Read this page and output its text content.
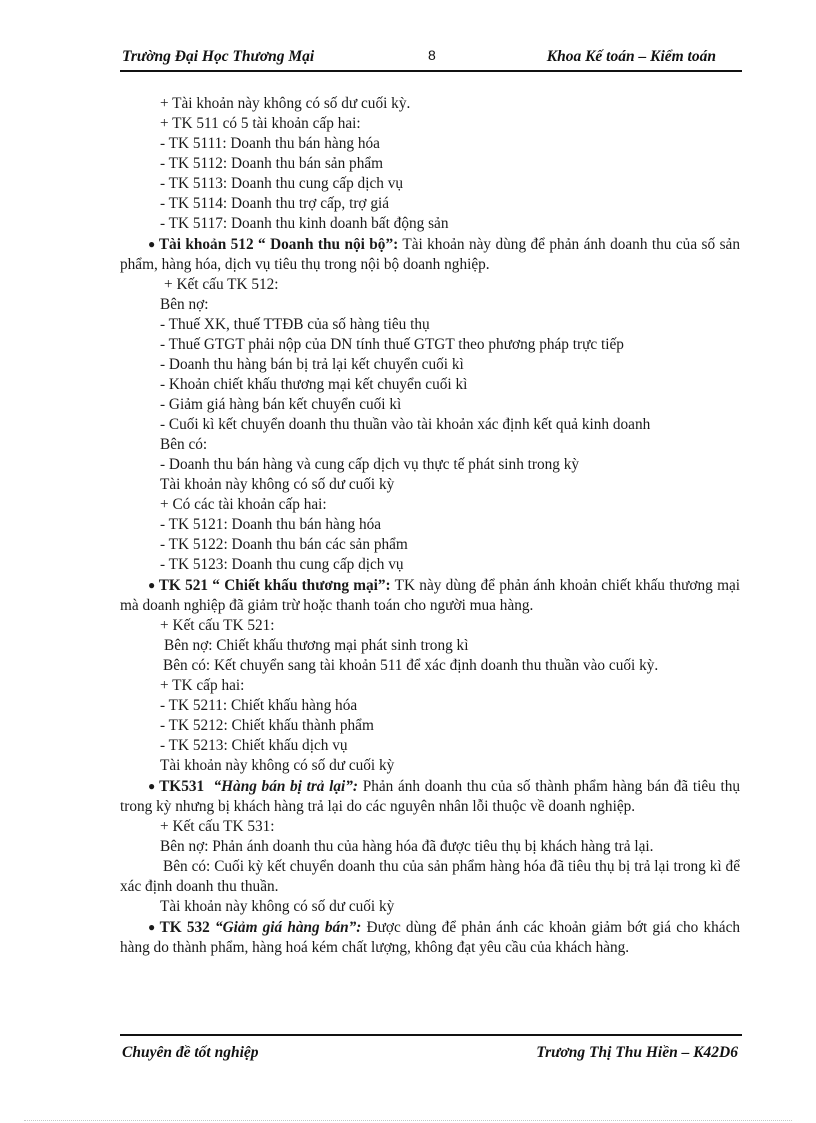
Trường Đại Học Thương Mại	8	Khoa Kế toán – Kiểm toán
+ Tài khoản này không có số dư cuối kỳ.
+ TK 511 có 5 tài khoản cấp hai:
- TK 5111: Doanh thu bán hàng hóa
- TK 5112: Doanh thu bán sản phẩm
- TK 5113: Doanh thu cung cấp dịch vụ
- TK 5114: Doanh thu trợ cấp, trợ giá
- TK 5117: Doanh thu kinh doanh bất động sản
● Tài khoản 512 “ Doanh thu nội bộ”: Tài khoản này dùng để phản ánh doanh thu của số sản phẩm, hàng hóa, dịch vụ tiêu thụ trong nội bộ doanh nghiệp.
+ Kết cấu TK 512:
Bên nợ:
- Thuế XK, thuế TTĐB của số hàng tiêu thụ
- Thuế GTGT phải nộp của DN tính thuế GTGT theo phương pháp trực tiếp
- Doanh thu hàng bán bị trả lại kết chuyển cuối kì
- Khoản chiết khấu thương mại kết chuyển cuối kì
- Giảm giá hàng bán kết chuyển cuối kì
- Cuối kì kết chuyển doanh thu thuần vào tài khoản xác định kết quả kinh doanh
Bên có:
- Doanh thu bán hàng và cung cấp dịch vụ thực tế phát sinh trong kỳ
Tài khoản này không có số dư cuối kỳ
+ Có các tài khoản cấp hai:
- TK 5121: Doanh thu bán hàng hóa
- TK 5122: Doanh thu bán các sản phẩm
- TK 5123: Doanh thu cung cấp dịch vụ
● TK 521 “ Chiết khấu thương mại”: TK này dùng để phản ánh khoản chiết khấu thương mại mà doanh nghiệp đã giảm trừ hoặc thanh toán cho người mua hàng.
+ Kết cấu TK 521:
Bên nợ: Chiết khấu thương mại phát sinh trong kì
Bên có: Kết chuyển sang tài khoản 511 để xác định doanh thu thuần vào cuối kỳ.
+ TK cấp hai:
- TK 5211: Chiết khấu hàng hóa
- TK 5212: Chiết khấu thành phẩm
- TK 5213: Chiết khấu dịch vụ
Tài khoản này không có số dư cuối kỳ
● TK531 “Hàng bán bị trả lại”: Phản ánh doanh thu của số thành phẩm hàng bán đã tiêu thụ trong kỳ nhưng bị khách hàng trả lại do các nguyên nhân lỗi thuộc về doanh nghiệp.
+ Kết cấu TK 531:
Bên nợ: Phản ánh doanh thu của hàng hóa đã được tiêu thụ bị khách hàng trả lại.
Bên có: Cuối kỳ kết chuyển doanh thu của sản phẩm hàng hóa đã tiêu thụ bị trả lại trong kì để xác định doanh thu thuần.
Tài khoản này không có số dư cuối kỳ
● TK 532 “Giảm giá hàng bán”: Được dùng để phản ánh các khoản giảm bớt giá cho khách hàng do thành phẩm, hàng hoá kém chất lượng, không đạt yêu cầu của khách hàng.
Chuyên đề tốt nghiệp	Trương Thị Thu Hiền – K42D6
